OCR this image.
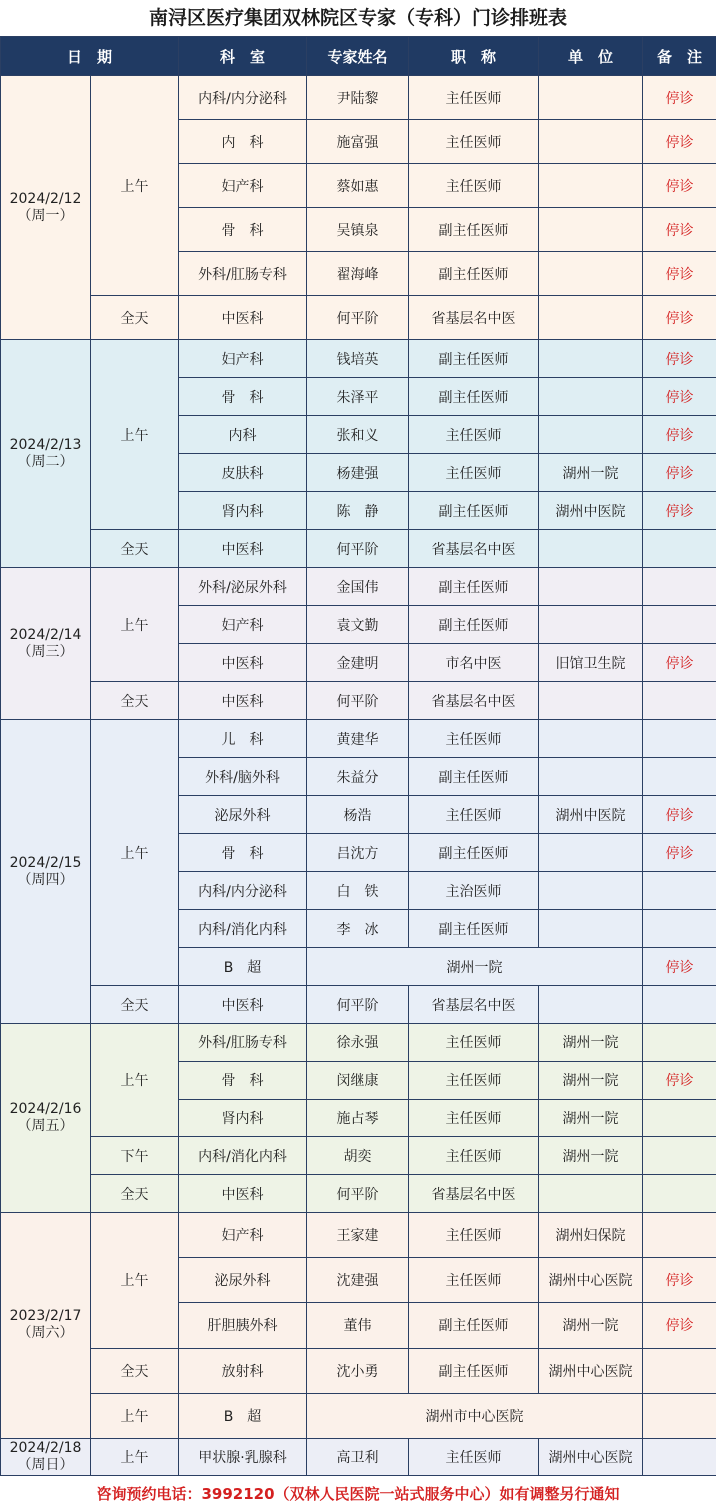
南浔区医疗集团双林院区专家（专科）门诊排班表
日　期		科　室	专家姓名	职　称	单　位	备　注

2024/2/12
（周一）	上午	内科/内分泌科	尹陆黎	主任医师		停诊
		内　科	施富强	主任医师		停诊
		妇产科	蔡如惠	主任医师		停诊
		骨　科	吴镇泉	副主任医师		停诊
		外科/肛肠专科	翟海峰	副主任医师		停诊
	全天	中医科	何平阶	省基层名中医		停诊

2024/2/13
（周二）	上午	妇产科	钱培英	副主任医师		停诊
		骨　科	朱泽平	副主任医师		停诊
		内科	张和义	主任医师		停诊
		皮肤科	杨建强	主任医师	湖州一院	停诊
		肾内科	陈　静	副主任医师	湖州中医院	停诊
	全天	中医科	何平阶	省基层名中医		

2024/2/14
（周三）	上午	外科/泌尿外科	金国伟	副主任医师		
		妇产科	袁文勤	副主任医师		
		中医科	金建明	市名中医	旧馆卫生院	停诊
	全天	中医科	何平阶	省基层名中医		

2024/2/15
（周四）	上午	儿　科	黄建华	主任医师		
		外科/脑外科	朱益分	副主任医师		
		泌尿外科	杨浩	主任医师	湖州中医院	停诊
		骨　科	吕沈方	副主任医师		停诊
		内科/内分泌科	白　铁	主治医师		
		内科/消化内科	李　冰	副主任医师		
		B　超	湖州一院			停诊
	全天	中医科	何平阶	省基层名中医		

2024/2/16
（周五）	上午	外科/肛肠专科	徐永强	主任医师	湖州一院	
		骨　科	闵继康	主任医师	湖州一院	停诊
		肾内科	施占琴	主任医师	湖州一院	
	下午	内科/消化内科	胡奕	主任医师	湖州一院	
	全天	中医科	何平阶	省基层名中医		

2023/2/17
（周六）	上午	妇产科	王家建	主任医师	湖州妇保院	
		泌尿外科	沈建强	主任医师	湖州中心医院	停诊
		肝胆胰外科	董伟	副主任医师	湖州一院	停诊
	全天	放射科	沈小勇	副主任医师	湖州中心医院	
	上午	B　超	湖州市中心医院			

2024/2/18
（周日）	上午	甲状腺·乳腺科	高卫利	主任医师	湖州中心医院	
咨询预约电话：3992120（双林人民医院一站式服务中心）如有调整另行通知
